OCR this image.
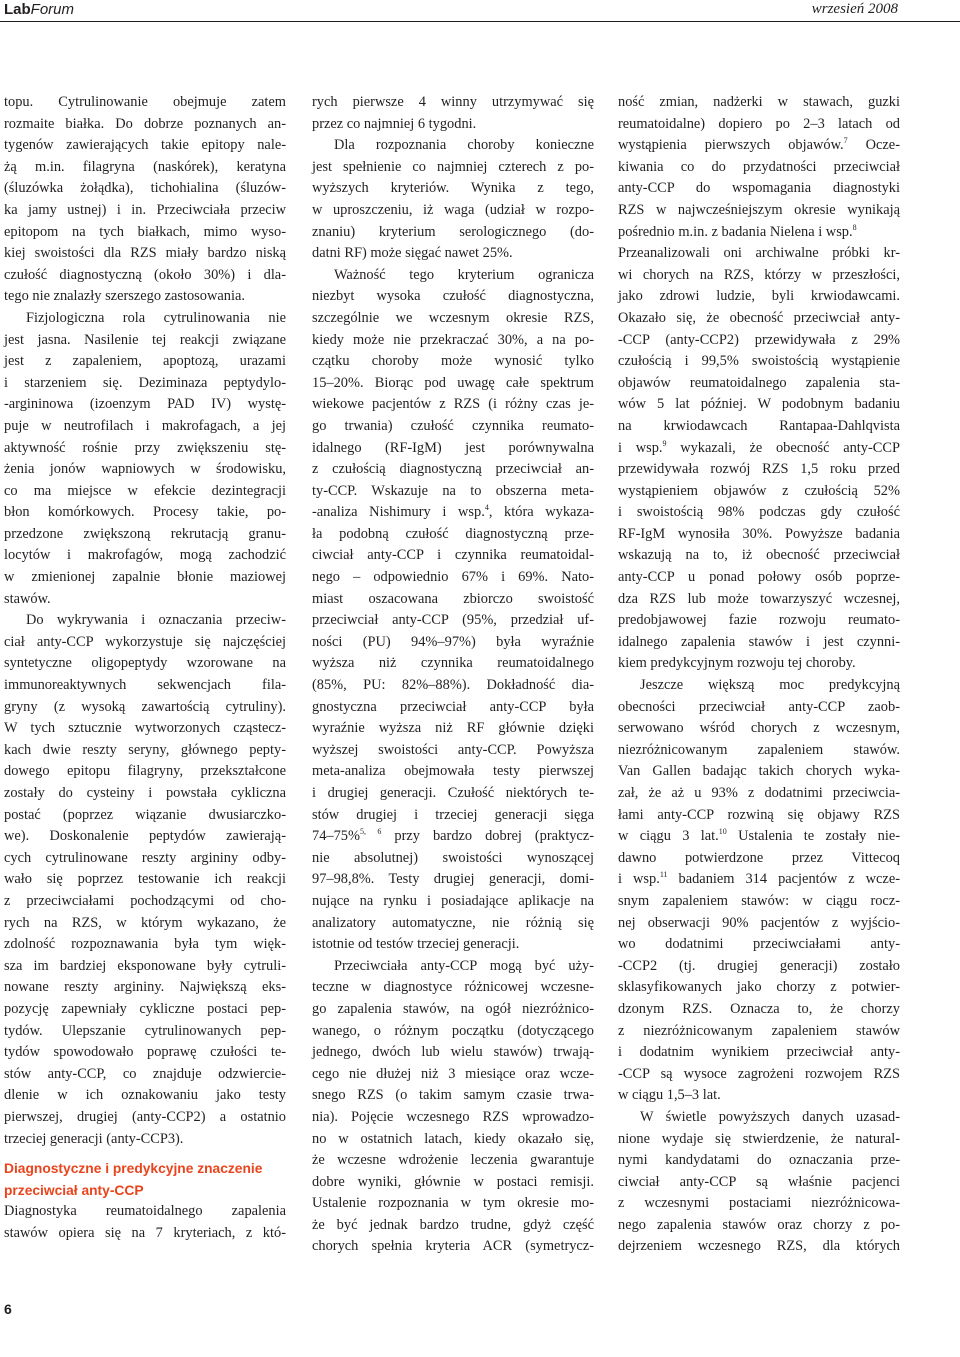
LabForum	wrzesień 2008

topu. Cytrulinowanie obejmuje zatem

rozmaite białka. Do dobrze poznanych an-

tygenów zawierających takie epitopy nale-

żą m.in. filagryna (naskórek), keratyna

(śluzówka żołądka), tichohialina (śluzów-

ka jamy ustnej) i in. Przeciwciała przeciw

epitopom na tych białkach, mimo wyso-

kiej swoistości dla RZS miały bardzo niską

czułość diagnostyczną (około 30%) i dla-

tego nie znalazły szerszego zastosowania.

Fizjologiczna rola cytrulinowania nie

jest jasna. Nasilenie tej reakcji związane

jest z zapaleniem, apoptozą, urazami

i starzeniem się. Deziminaza peptydylo-

-argininowa (izoenzym PAD IV) wystę-

puje w neutrofilach i makrofagach, a jej

aktywność rośnie przy zwiększeniu stę-

żenia jonów wapniowych w środowisku,

co ma miejsce w efekcie dezintegracji

błon komórkowych. Procesy takie, po-

przedzone zwiększoną rekrutacją granu-

locytów i makrofagów, mogą zachodzić

w zmienionej zapalnie błonie maziowej

stawów.

Do wykrywania i oznaczania przeciw-

ciał anty-CCP wykorzystuje się najczęściej

syntetyczne oligopeptydy wzorowane na

immunoreaktywnych sekwencjach fila-

gryny (z wysoką zawartością cytruliny).

W tych sztucznie wytworzonych cząstecz-

kach dwie reszty seryny, głównego pepty-

dowego epitopu filagryny, przekształcone

zostały do cysteiny i powstała cykliczna

postać (poprzez wiązanie dwusiarczko-

we). Doskonalenie peptydów zawierają-

cych cytrulinowane reszty argininy odby-

wało się poprzez testowanie ich reakcji

z przeciwciałami pochodzącymi od cho-

rych na RZS, w którym wykazano, że

zdolność rozpoznawania była tym więk-

sza im bardziej eksponowane były cytruli-

nowane reszty argininy. Największą eks-

pozycję zapewniały cykliczne postaci pep-

tydów. Ulepszanie cytrulinowanych pep-

tydów spowodowało poprawę czułości te-

stów anty-CCP, co znajduje odzwiercie-

dlenie w ich oznakowaniu jako testy

pierwszej, drugiej (anty-CCP2) a ostatnio

trzeciej generacji (anty-CCP3).

Diagnostyczne i predykcyjne znaczenie
przeciwciał anty-CCP

Diagnostyka reumatoidalnego zapalenia

stawów opiera się na 7 kryteriach, z któ-

rych pierwsze 4 winny utrzymywać się

przez co najmniej 6 tygodni.

Dla rozpoznania choroby konieczne

jest spełnienie co najmniej czterech z po-

wyższych kryteriów. Wynika z tego,

w uproszczeniu, iż waga (udział w rozpo-

znaniu) kryterium serologicznego (do-

datni RF) może sięgać nawet 25%.

Ważność tego kryterium ogranicza

niezbyt wysoka czułość diagnostyczna,

szczególnie we wczesnym okresie RZS,

kiedy może nie przekraczać 30%, a na po-

czątku choroby może wynosić tylko

15–20%. Biorąc pod uwagę całe spektrum

wiekowe pacjentów z RZS (i różny czas je-

go trwania) czułość czynnika reumato-

idalnego (RF-IgM) jest porównywalna

z czułością diagnostyczną przeciwciał an-

ty-CCP. Wskazuje na to obszerna meta-

-analiza Nishimury i wsp.$^4$, która wykaza-

ła podobną czułość diagnostyczną prze-

ciwciał anty-CCP i czynnika reumatoidal-

nego – odpowiednio 67% i 69%. Nato-

miast oszacowana zbiorczo swoistość

przeciwciał anty-CCP (95%, przedział uf-

ności (PU) 94%–97%) była wyraźnie

wyższa niż czynnika reumatoidalnego

(85%, PU: 82%–88%). Dokładność dia-

gnostyczna przeciwciał anty-CCP była

wyraźnie wyższa niż RF głównie dzięki

wyższej swoistości anty-CCP. Powyższa

meta-analiza obejmowała testy pierwszej

i drugiej generacji. Czułość niektórych te-

stów drugiej i trzeciej generacji sięga

74–75%$^{5, 6}$ przy bardzo dobrej (praktycz-

nie absolutnej) swoistości wynoszącej

97–98,8%. Testy drugiej generacji, domi-

nujące na rynku i posiadające aplikacje na

analizatory automatyczne, nie różnią się

istotnie od testów trzeciej generacji.

Przeciwciała anty-CCP mogą być uży-

teczne w diagnostyce różnicowej wczesne-

go zapalenia stawów, na ogół niezróżnico-

wanego, o różnym początku (dotyczącego

jednego, dwóch lub wielu stawów) trwają-

cego nie dłużej niż 3 miesiące oraz wcze-

snego RZS (o takim samym czasie trwa-

nia). Pojęcie wczesnego RZS wprowadzo-

no w ostatnich latach, kiedy okazało się,

że wczesne wdrożenie leczenia gwarantuje

dobre wyniki, głównie w postaci remisji.

Ustalenie rozpoznania w tym okresie mo-

że być jednak bardzo trudne, gdyż część

chorych spełnia kryteria ACR (symetrycz-

ność zmian, nadżerki w stawach, guzki

reumatoidalne) dopiero po 2–3 latach od

wystąpienia pierwszych objawów.$^7$ Ocze-

kiwania co do przydatności przeciwciał

anty-CCP do wspomagania diagnostyki

RZS w najwcześniejszym okresie wynikają

pośrednio m.in. z badania Nielena i wsp.$^8$

Przeanalizowali oni archiwalne próbki kr-

wi chorych na RZS, którzy w przeszłości,

jako zdrowi ludzie, byli krwiodawcami.

Okazało się, że obecność przeciwciał anty-

-CCP (anty-CCP2) przewidywała z 29%

czułością i 99,5% swoistością wystąpienie

objawów reumatoidalnego zapalenia sta-

wów 5 lat później. W podobnym badaniu

na krwiodawcach Rantapaa-Dahlqvista

i wsp.$^9$ wykazali, że obecność anty-CCP

przewidywała rozwój RZS 1,5 roku przed

wystąpieniem objawów z czułością 52%

i swoistością 98% podczas gdy czułość

RF-IgM wynosiła 30%. Powyższe badania

wskazują na to, iż obecność przeciwciał

anty-CCP u ponad połowy osób poprze-

dza RZS lub może towarzyszyć wczesnej,

predobjawowej fazie rozwoju reumato-

idalnego zapalenia stawów i jest czynni-

kiem predykcyjnym rozwoju tej choroby.

Jeszcze większą moc predykcyjną

obecności przeciwciał anty-CCP zaob-

serwowano wśród chorych z wczesnym,

niezróżnicowanym zapaleniem stawów.

Van Gallen badając takich chorych wyka-

zał, że aż u 93% z dodatnimi przeciwcia-

łami anty-CCP rozwiną się objawy RZS

w ciągu 3 lat.$^{10}$ Ustalenia te zostały nie-

dawno potwierdzone przez Vittecoq

i wsp.$^{11}$ badaniem 314 pacjentów z wcze-

snym zapaleniem stawów: w ciągu rocz-

nej obserwacji 90% pacjentów z wyjścio-

wo dodatnimi przeciwciałami anty-

-CCP2 (tj. drugiej generacji) zostało

sklasyfikowanych jako chorzy z potwier-

dzonym RZS. Oznacza to, że chorzy

z niezróżnicowanym zapaleniem stawów

i dodatnim wynikiem przeciwciał anty-

-CCP są wysoce zagrożeni rozwojem RZS

w ciągu 1,5–3 lat.

W świetle powyższych danych uzasad-

nione wydaje się stwierdzenie, że natural-

nymi kandydatami do oznaczania prze-

ciwciał anty-CCP są właśnie pacjenci

z wczesnymi postaciami niezróżnicowa-

nego zapalenia stawów oraz chorzy z po-

dejrzeniem wczesnego RZS, dla których

6
